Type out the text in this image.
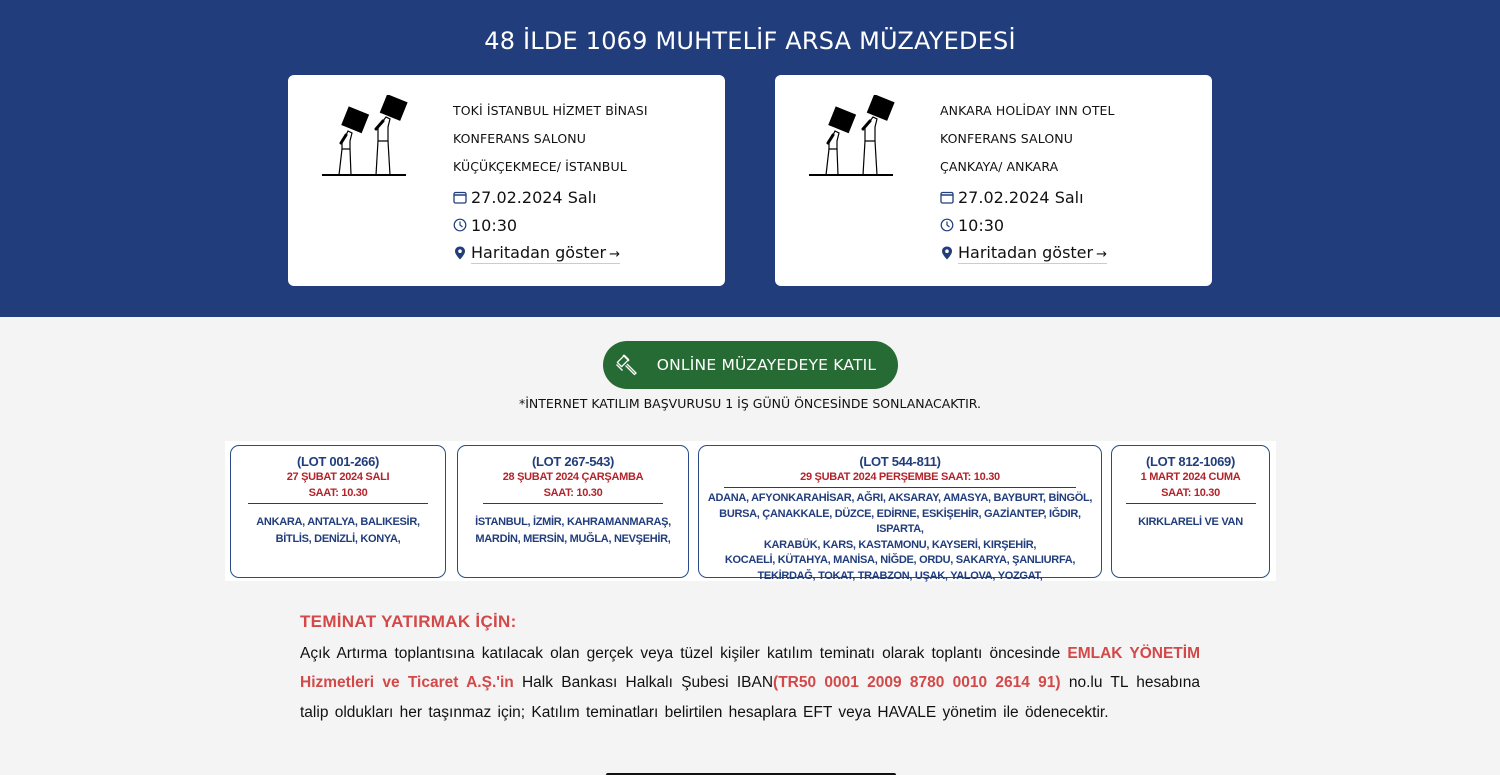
48 İLDE 1069 MUHTELİF ARSA MÜZAYEDESİ
TOKİ İSTANBUL HİZMET BİNASI
KONFERANS SALONU
KÜÇÜKÇEKMECE/ İSTANBUL
27.02.2024 Salı
10:30
Haritadan göster →
ANKARA HOLİDAY INN OTEL
KONFERANS SALONU
ÇANKAYA/ ANKARA
27.02.2024 Salı
10:30
Haritadan göster →
ONLİNE MÜZAYEDEYE KATIL
*İNTERNET KATILIM BAŞVURUSU 1 İŞ GÜNÜ ÖNCESİNDE SONLANACAKTIR.
(LOT 001-266)
27 ŞUBAT 2024 SALI
SAAT: 10.30
ANKARA, ANTALYA, BALIKESİR,
BİTLİS, DENİZLİ, KONYA,
(LOT 267-543)
28 ŞUBAT 2024 ÇARŞAMBA
SAAT: 10.30
İSTANBUL, İZMİR, KAHRAMANMARAŞ,
MARDİN, MERSİN, MUĞLA, NEVŞEHİR,
(LOT 544-811)
29 ŞUBAT 2024 PERŞEMBE SAAT: 10.30
ADANA, AFYONKARAHİSAR, AĞRI, AKSARAY, AMASYA, BAYBURT, BİNGÖL,
BURSA, ÇANAKKALE, DÜZCE, EDİRNE, ESKİŞEHİR, GAZİANTEP, IĞDIR, ISPARTA,
KARABÜK, KARS, KASTAMONU, KAYSERİ, KIRŞEHİR,
KOCAELİ, KÜTAHYA, MANİSA, NİĞDE, ORDU, SAKARYA, ŞANLIURFA,
TEKİRDAĞ, TOKAT, TRABZON, UŞAK, YALOVA, YOZGAT,
(LOT 812-1069)
1 MART 2024 CUMA
SAAT: 10.30
KIRKLARELİ VE VAN
TEMİNAT YATIRMAK İÇİN:

Açık Artırma toplantısına katılacak olan gerçek veya tüzel kişiler katılım teminatı olarak toplantı öncesinde EMLAK YÖNETİM Hizmetleri ve Ticaret A.Ş.'in Halk Bankası Halkalı Şubesi IBAN(TR50 0001 2009 8780 0010 2614 91) no.lu TL hesabına talip oldukları her taşınmaz için; Katılım teminatları belirtilen hesaplara EFT veya HAVALE yönetim ile ödenecektir.
